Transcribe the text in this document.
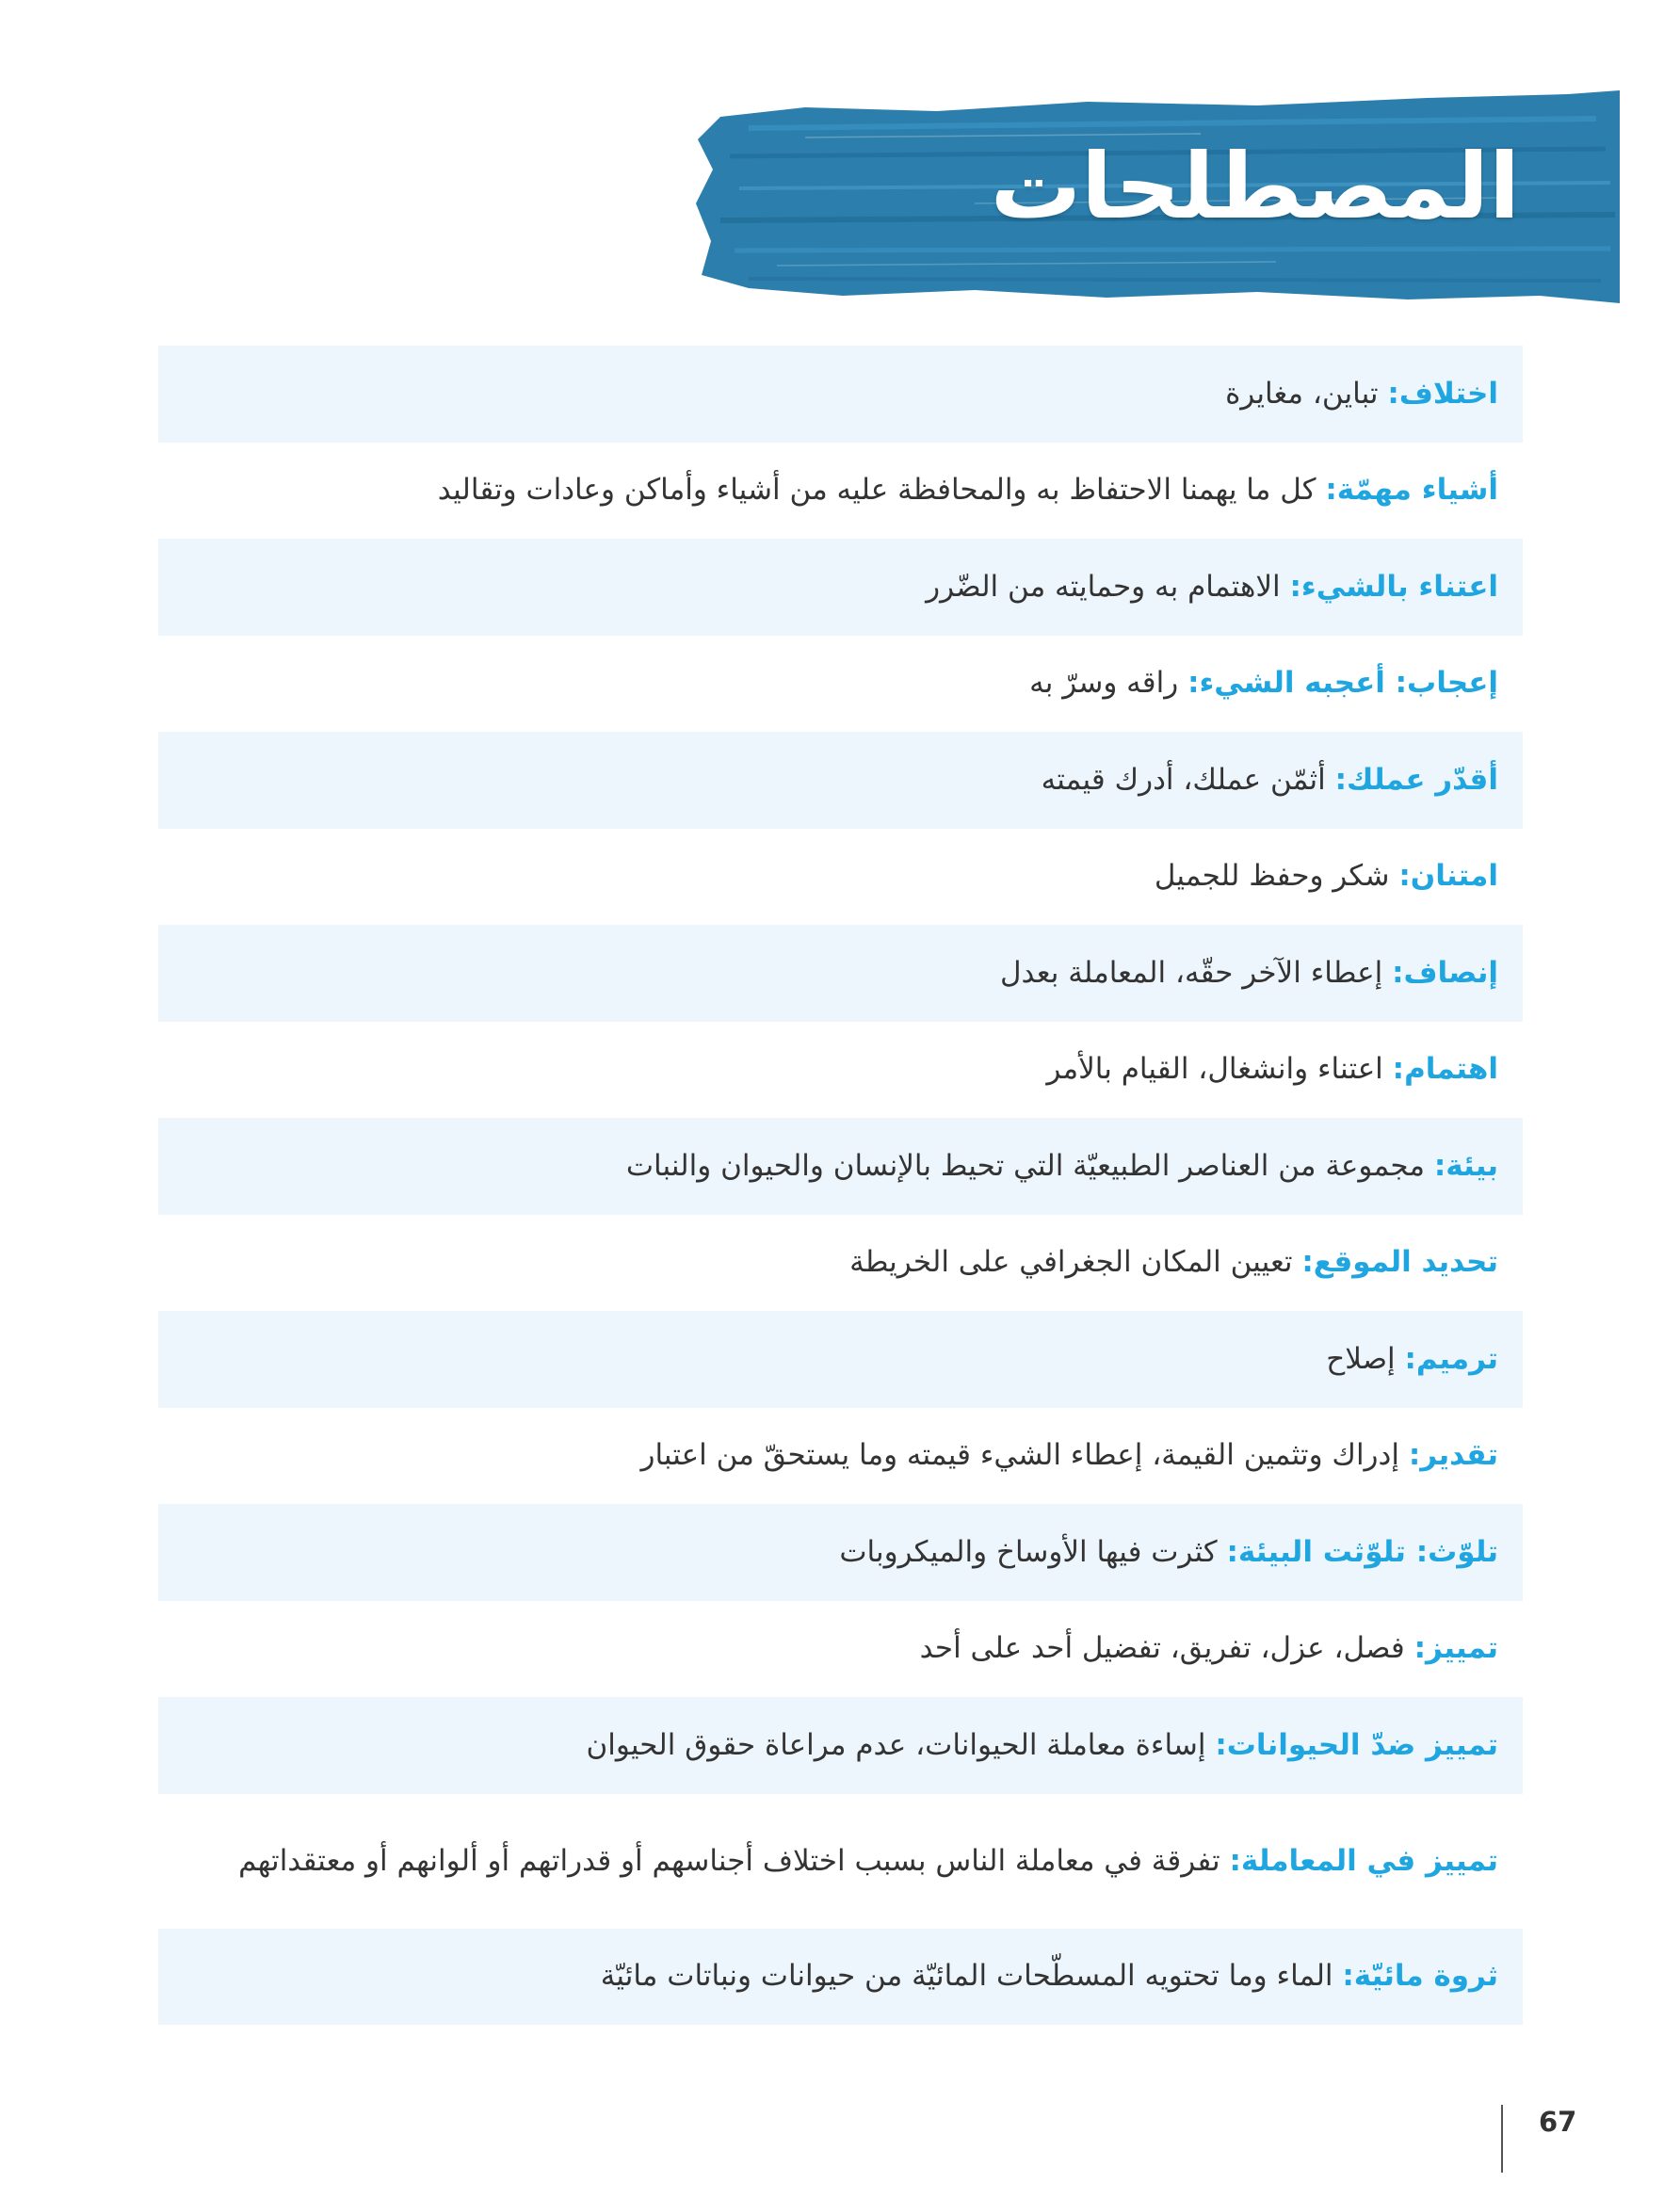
المصطلحات
اختلاف: تباين، مغايرة
أشياء مهمّة: كل ما يهمنا الاحتفاظ به والمحافظة عليه من أشياء وأماكن وعادات وتقاليد
اعتناء بالشيء: الاهتمام به وحمايته من الضّرر
إعجاب: أعجبه الشيء: راقه وسرّ به
أقدّر عملك: أثمّن عملك، أدرك قيمته
امتنان: شكر وحفظ للجميل
إنصاف: إعطاء الآخر حقّه، المعاملة بعدل
اهتمام: اعتناء وانشغال، القيام بالأمر
بيئة: مجموعة من العناصر الطبيعيّة التي تحيط بالإنسان والحيوان والنبات
تحديد الموقع: تعيين المكان الجغرافي على الخريطة
ترميم: إصلاح
تقدير: إدراك وتثمين القيمة، إعطاء الشيء قيمته وما يستحقّ من اعتبار
تلوّث: تلوّثت البيئة: كثرت فيها الأوساخ والميكروبات
تمييز: فصل، عزل، تفريق، تفضيل أحد على أحد
تمييز ضدّ الحيوانات: إساءة معاملة الحيوانات، عدم مراعاة حقوق الحيوان
تمييز في المعاملة: تفرقة في معاملة الناس بسبب اختلاف أجناسهم أو قدراتهم أو ألوانهم أو معتقداتهم
ثروة مائيّة: الماء وما تحتويه المسطّحات المائيّة من حيوانات ونباتات مائيّة
67
